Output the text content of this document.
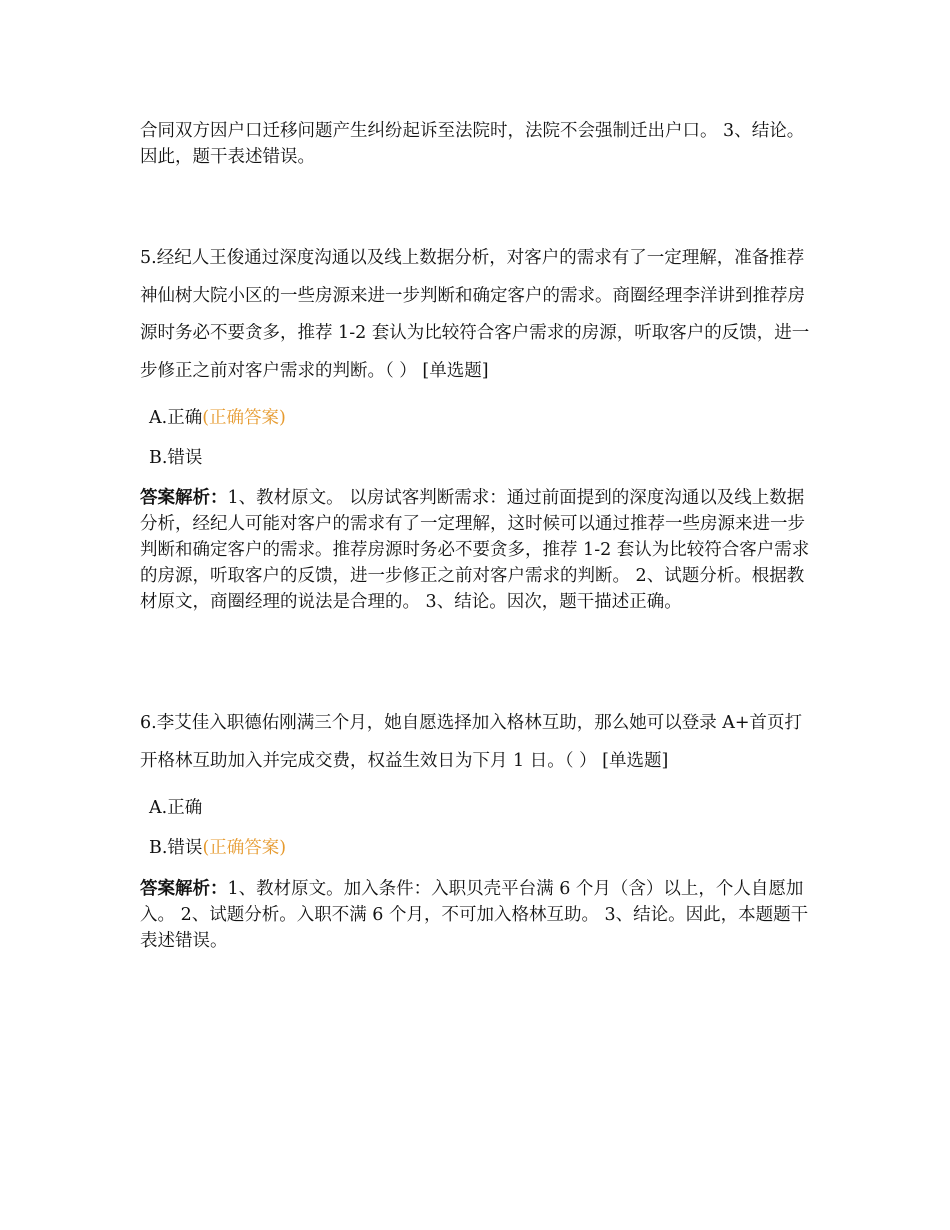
合同双方因户口迁移问题产生纠纷起诉至法院时，法院不会强制迁出户口。 3、结论。因此，题干表述错误。

5.经纪人王俊通过深度沟通以及线上数据分析，对客户的需求有了一定理解，准备推荐神仙树大院小区的一些房源来进一步判断和确定客户的需求。商圈经理李洋讲到推荐房源时务必不要贪多，推荐 1-2 套认为比较符合客户需求的房源，听取客户的反馈，进一步修正之前对客户需求的判断。（ ） [单选题]

A.正确(正确答案)
B.错误

答案解析：1、教材原文。 以房试客判断需求：通过前面提到的深度沟通以及线上数据分析，经纪人可能对客户的需求有了一定理解，这时候可以通过推荐一些房源来进一步判断和确定客户的需求。推荐房源时务必不要贪多，推荐 1-2 套认为比较符合客户需求的房源，听取客户的反馈，进一步修正之前对客户需求的判断。 2、试题分析。根据教材原文，商圈经理的说法是合理的。 3、结论。因次，题干描述正确。

6.李艾佳入职德佑刚满三个月，她自愿选择加入格林互助，那么她可以登录 A+首页打开格林互助加入并完成交费，权益生效日为下月 1 日。（ ） [单选题]

A.正确
B.错误(正确答案)

答案解析：1、教材原文。加入条件：入职贝壳平台满 6 个月（含）以上，个人自愿加入。 2、试题分析。入职不满 6 个月，不可加入格林互助。 3、结论。因此，本题题干表述错误。
